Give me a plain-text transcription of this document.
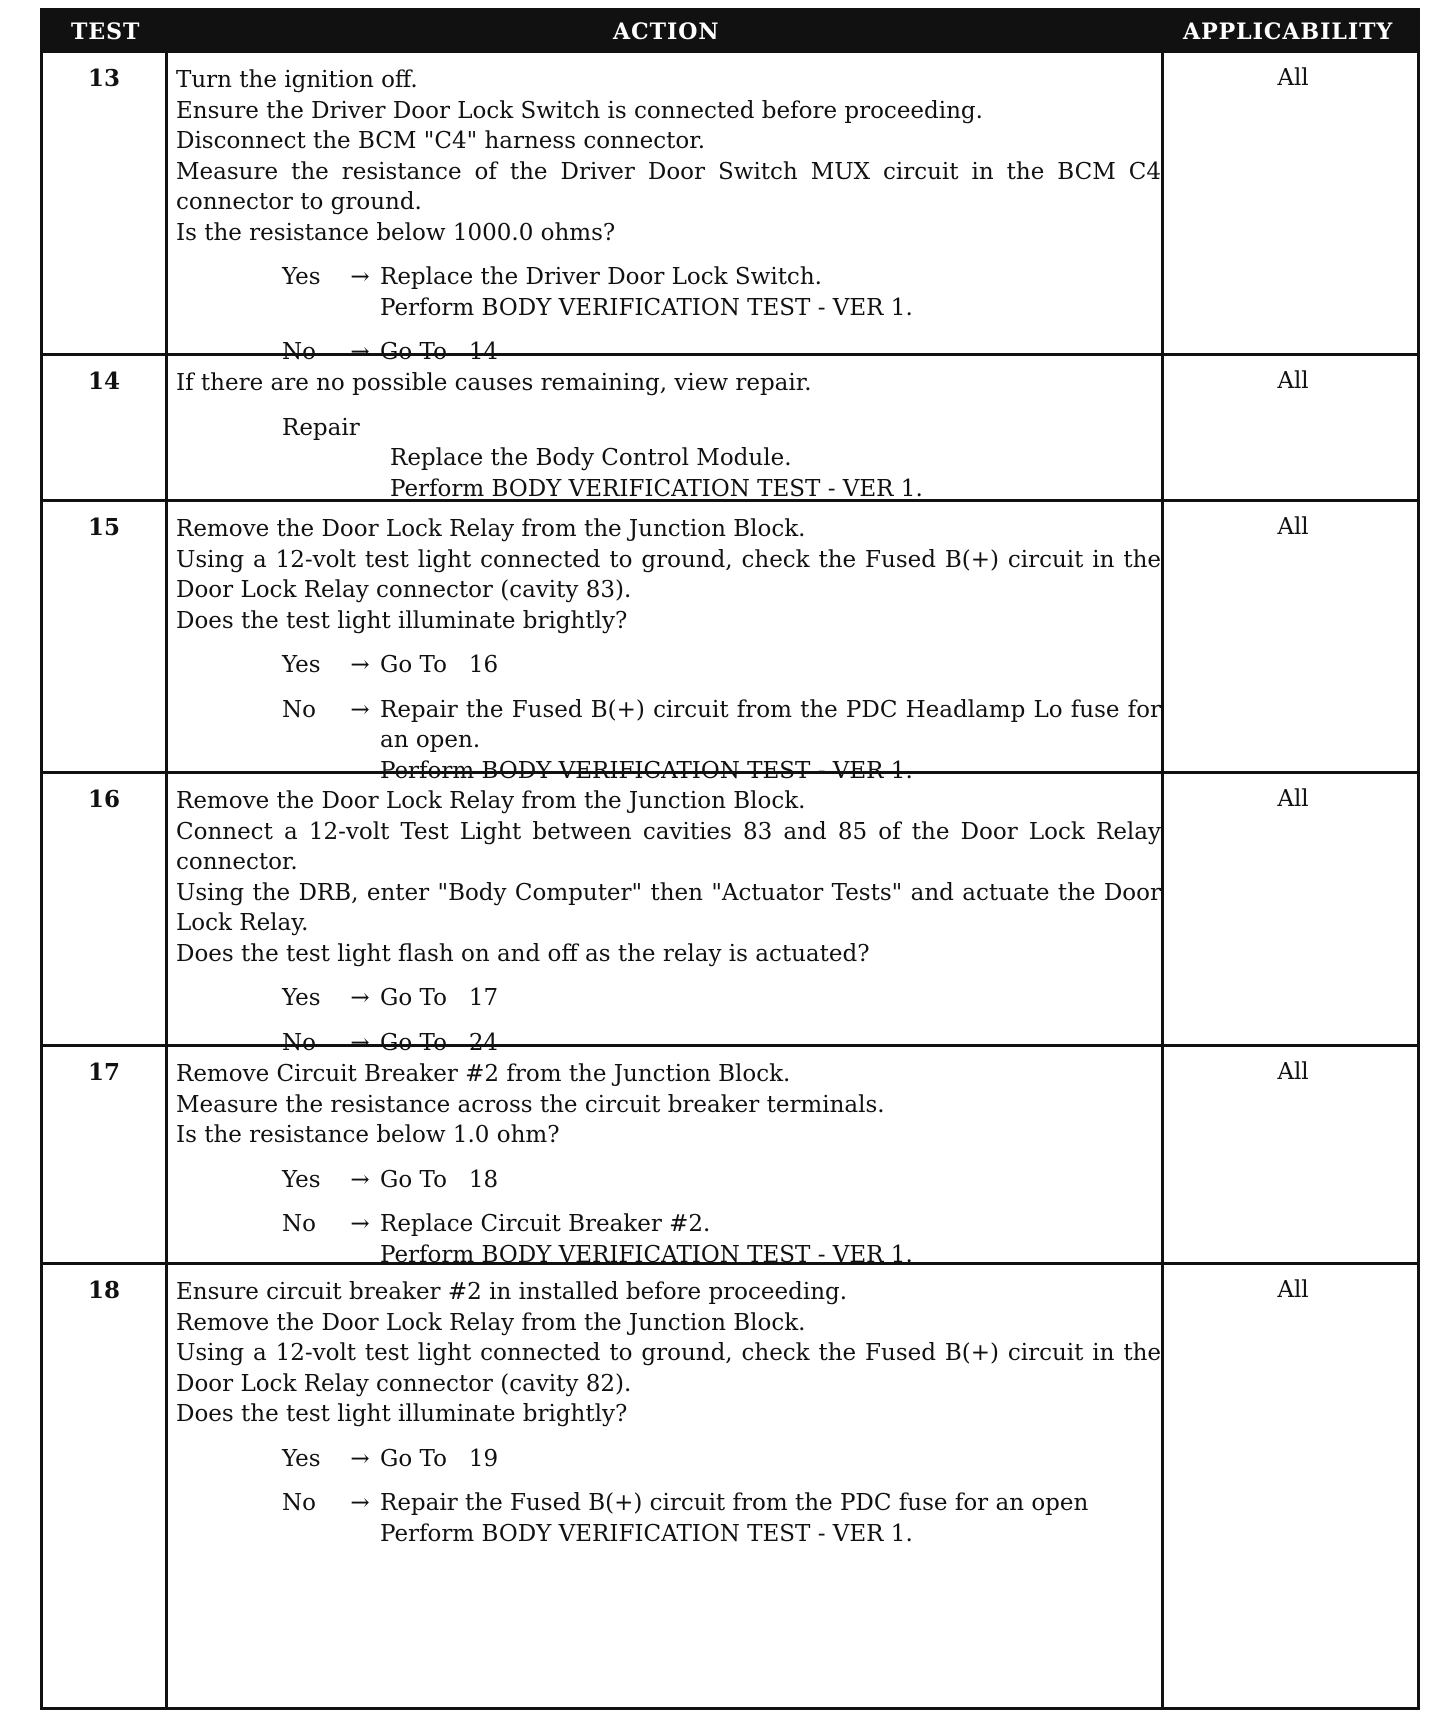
TEST	ACTION	APPLICABILITY
13	Turn the ignition off.

Ensure the Driver Door Lock Switch is connected before proceeding.

Disconnect the BCM "C4" harness connector.

Measure the resistance of the Driver Door Switch MUX circuit in the BCM C4 connector to ground.

Is the resistance below 1000.0 ohms?

Yes	→ Replace the Driver Door Lock Switch.
Perform BODY VERIFICATION TEST - VER 1.
No	→ Go To   14
All
14	If there are no possible causes remaining, view repair.

Repair
Replace the Body Control Module.
Perform BODY VERIFICATION TEST - VER 1.
All
15	Remove the Door Lock Relay from the Junction Block.

Using a 12-volt test light connected to ground, check the Fused B(+) circuit in the Door Lock Relay connector (cavity 83).

Does the test light illuminate brightly?

Yes	→ Go To   16
No	→ Repair the Fused B(+) circuit from the PDC Headlamp Lo fuse for an open.
Perform BODY VERIFICATION TEST - VER 1.
All
16	Remove the Door Lock Relay from the Junction Block.

Connect a 12-volt Test Light between cavities 83 and 85 of the Door Lock Relay connector.

Using the DRB, enter "Body Computer" then "Actuator Tests" and actuate the Door Lock Relay.

Does the test light flash on and off as the relay is actuated?

Yes	→ Go To   17
No	→ Go To   24
All
17	Remove Circuit Breaker #2 from the Junction Block.

Measure the resistance across the circuit breaker terminals.

Is the resistance below 1.0 ohm?

Yes	→ Go To   18
No	→ Replace Circuit Breaker #2.
Perform BODY VERIFICATION TEST - VER 1.
All
18	Ensure circuit breaker #2 in installed before proceeding.

Remove the Door Lock Relay from the Junction Block.

Using a 12-volt test light connected to ground, check the Fused B(+) circuit in the Door Lock Relay connector (cavity 82).

Does the test light illuminate brightly?

Yes	→ Go To   19
No	→ Repair the Fused B(+) circuit from the PDC fuse for an open
Perform BODY VERIFICATION TEST - VER 1.
All
